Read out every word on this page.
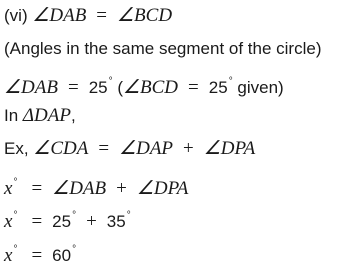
(vi) ∠DAB = ∠BCD
(Angles in the same segment of the circle)
∠DAB = 25° (∠BCD = 25° given)
In ΔDAP,
Ex, ∠CDA = ∠DAP + ∠DPA
x° = ∠DAB + ∠DPA
x° = 25° + 35°
x° = 60°
